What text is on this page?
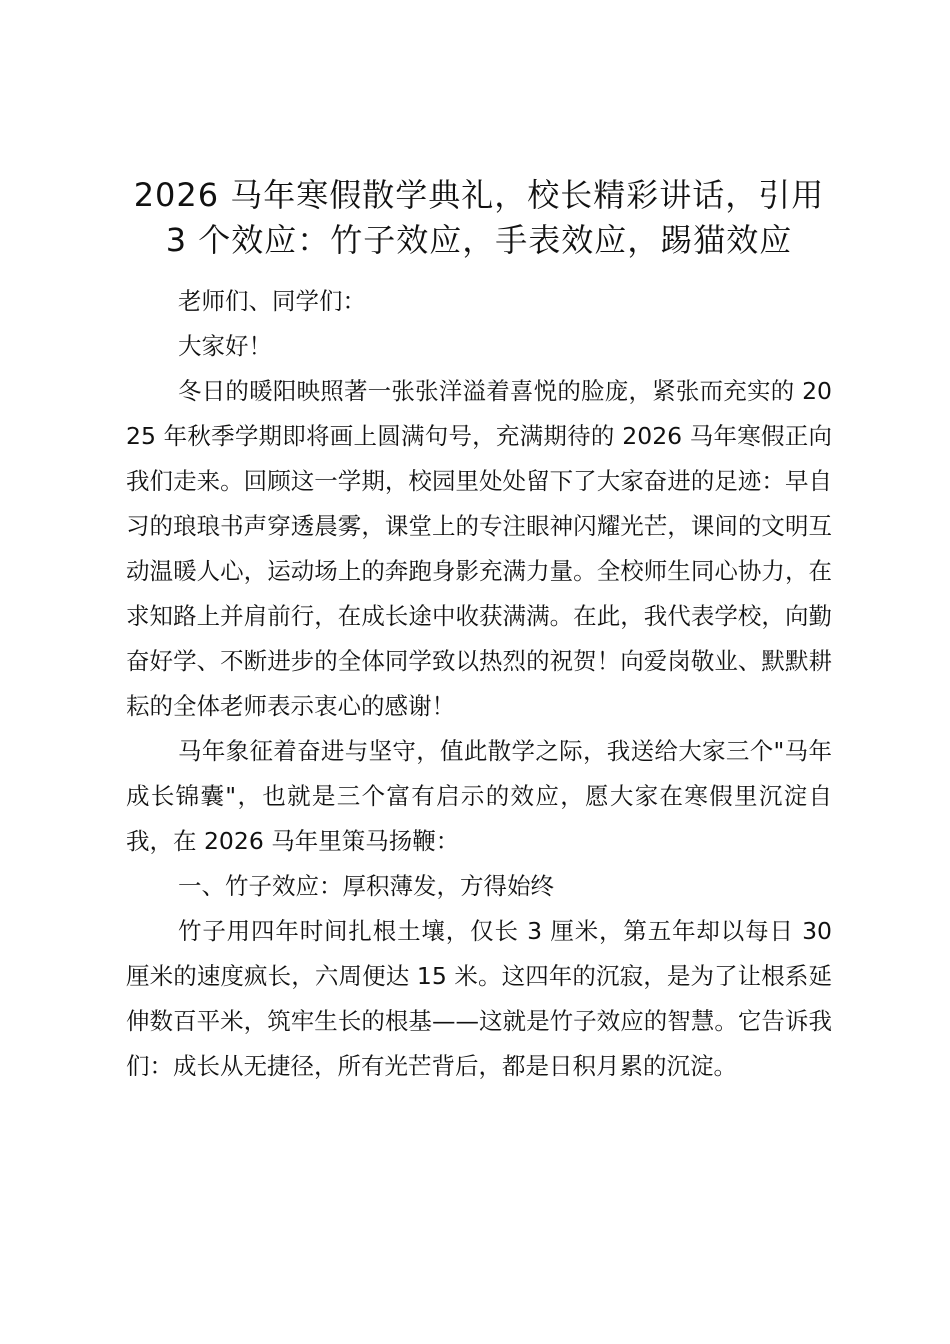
2026 马年寒假散学典礼，校长精彩讲话，引用 3 个效应：竹子效应，手表效应，踢猫效应

老师们、同学们：

大家好！

冬日的暖阳映照著一张张洋溢着喜悦的脸庞，紧张而充实的 2025 年秋季学期即将画上圆满句号，充满期待的 2026 马年寒假正向我们走来。回顾这一学期，校园里处处留下了大家奋进的足迹：早自习的琅琅书声穿透晨雾，课堂上的专注眼神闪耀光芒，课间的文明互动温暖人心，运动场上的奔跑身影充满力量。全校师生同心协力，在求知路上并肩前行，在成长途中收获满满。在此，我代表学校，向勤奋好学、不断进步的全体同学致以热烈的祝贺！向爱岗敬业、默默耕耘的全体老师表示衷心的感谢！

马年象征着奋进与坚守，值此散学之际，我送给大家三个"马年成长锦囊"，也就是三个富有启示的效应，愿大家在寒假里沉淀自我，在 2026 马年里策马扬鞭：

一、竹子效应：厚积薄发，方得始终

竹子用四年时间扎根土壤，仅长 3 厘米，第五年却以每日 30 厘米的速度疯长，六周便达 15 米。这四年的沉寂，是为了让根系延伸数百平米，筑牢生长的根基——这就是竹子效应的智慧。它告诉我们：成长从无捷径，所有光芒背后，都是日积月累的沉淀。
